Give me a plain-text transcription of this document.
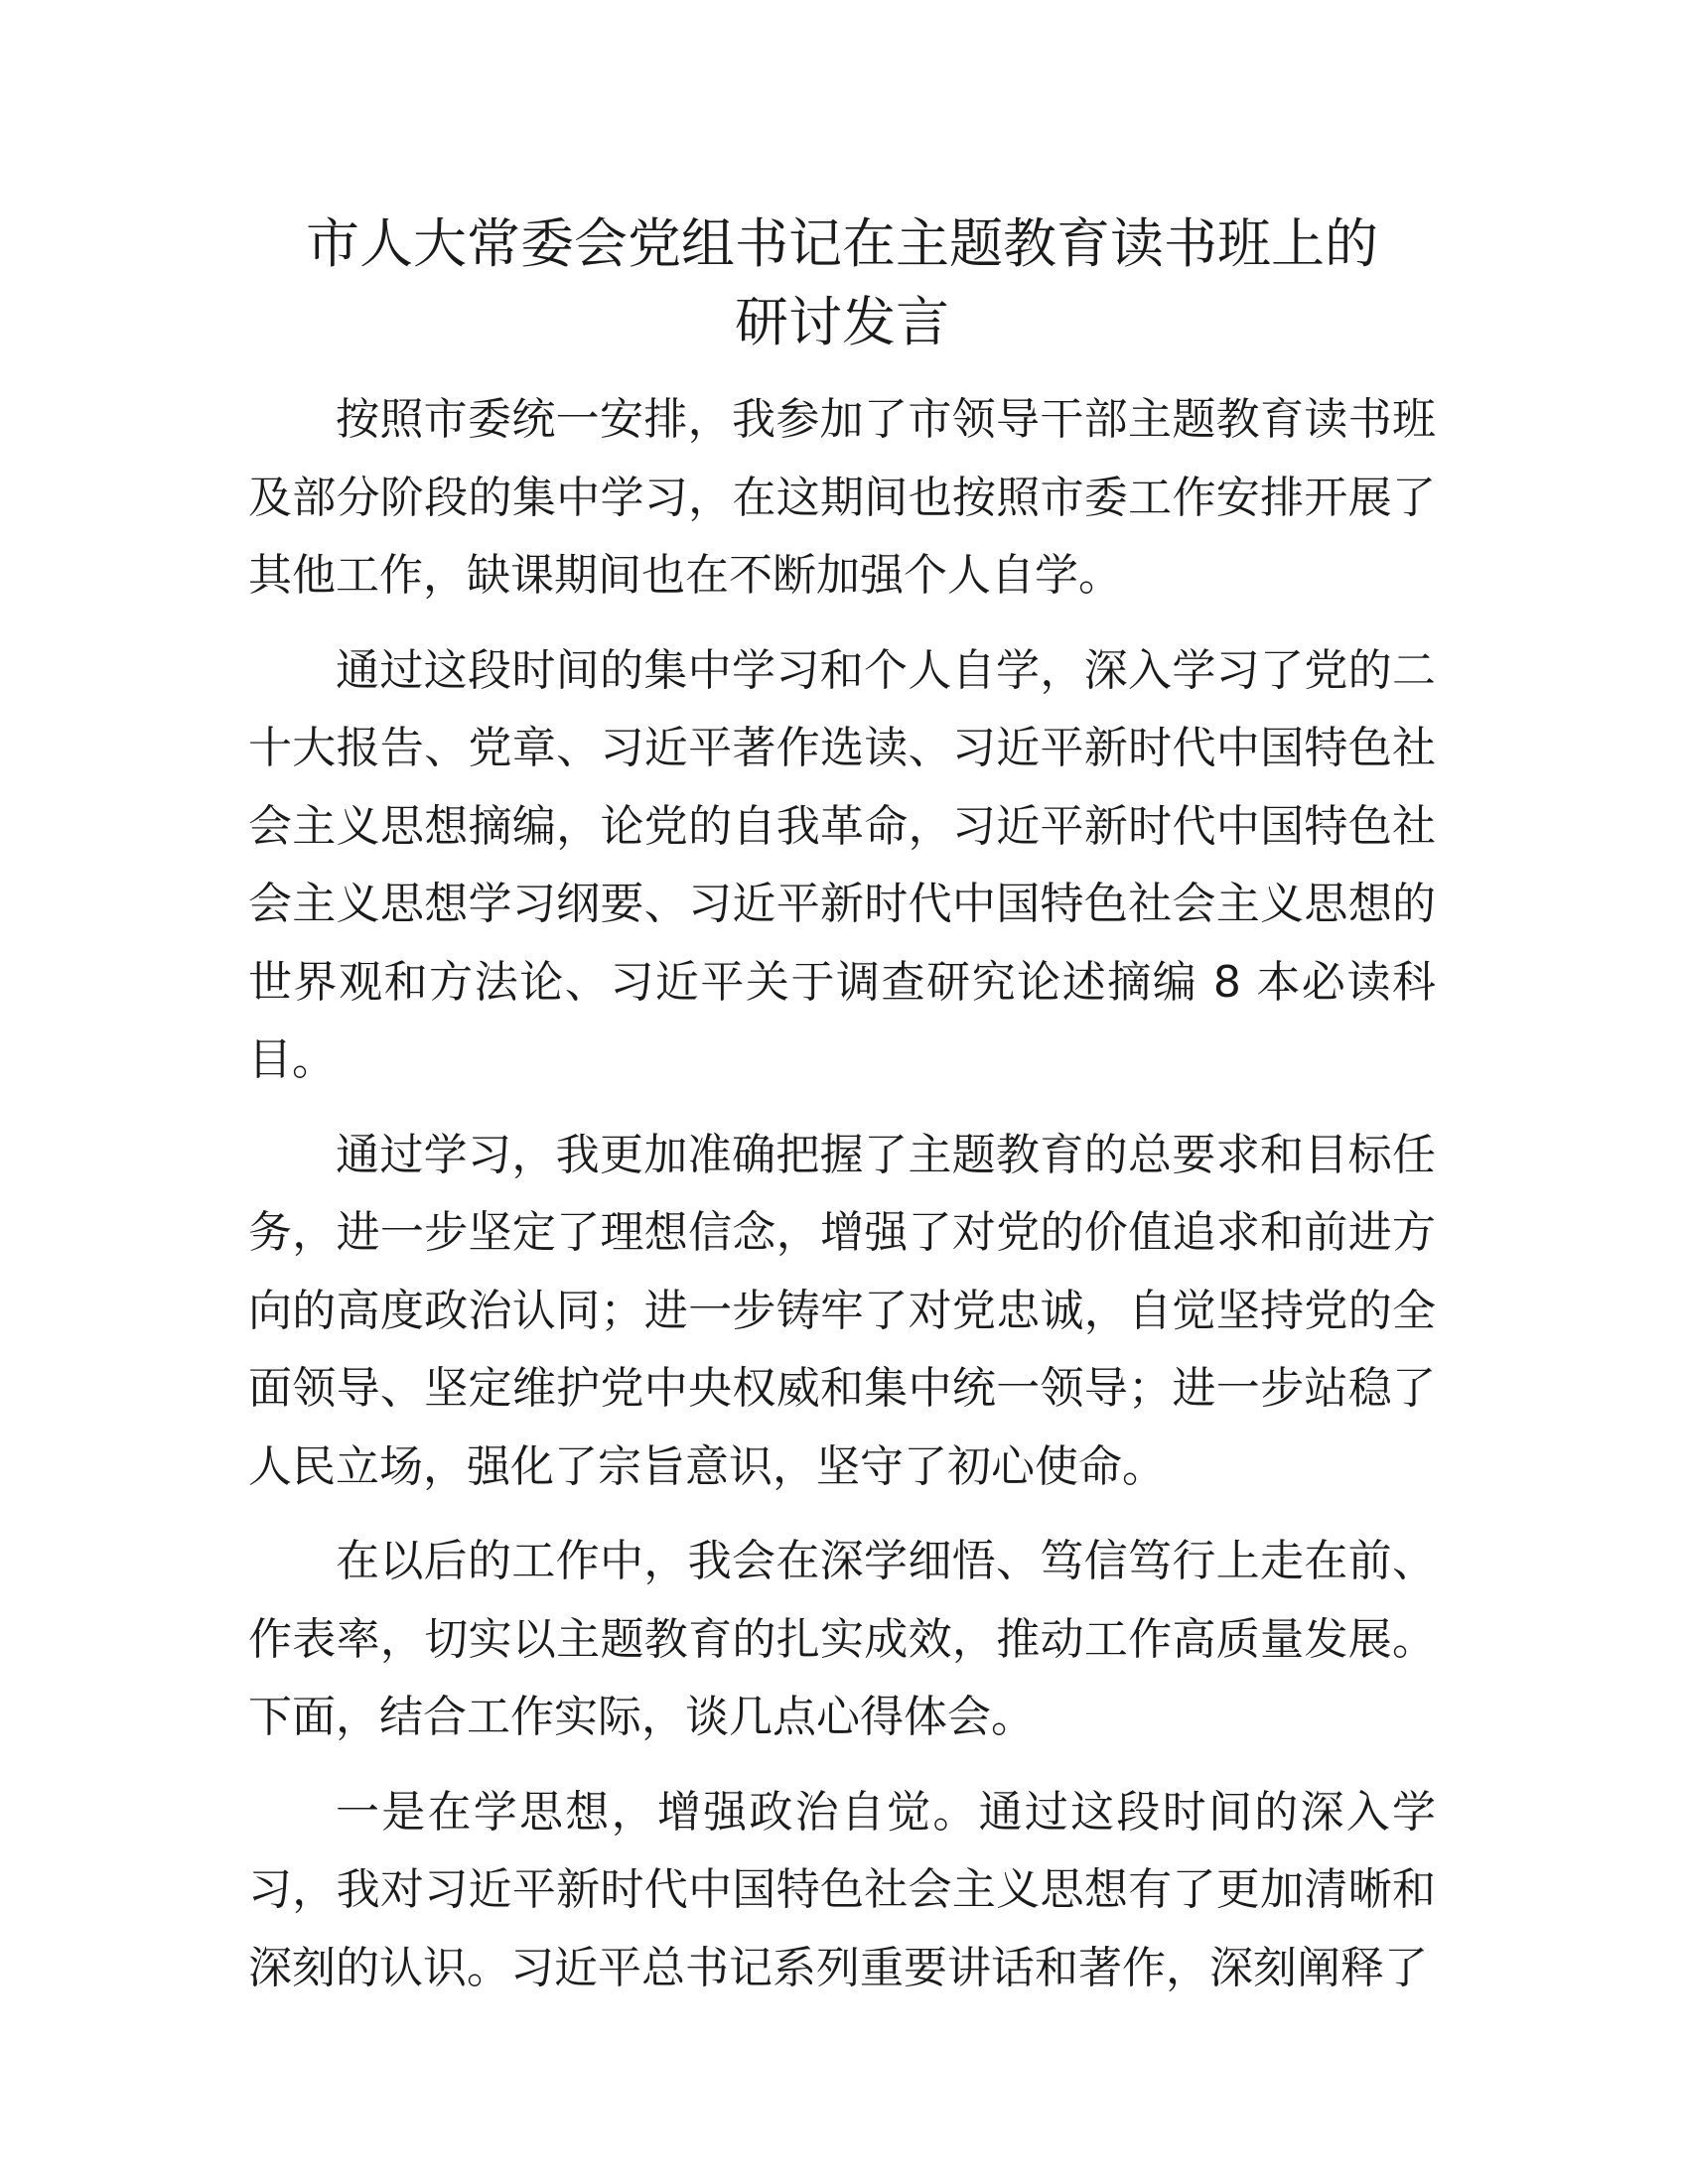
市人大常委会党组书记在主题教育读书班上的
研讨发言

按照市委统一安排，我参加了市领导干部主题教育读书班及部分阶段的集中学习，在这期间也按照市委工作安排开展了其他工作，缺课期间也在不断加强个人自学。

通过这段时间的集中学习和个人自学，深入学习了党的二十大报告、党章、习近平著作选读、习近平新时代中国特色社会主义思想摘编，论党的自我革命，习近平新时代中国特色社会主义思想学习纲要、习近平新时代中国特色社会主义思想的世界观和方法论、习近平关于调查研究论述摘编 8 本必读科目。

通过学习，我更加准确把握了主题教育的总要求和目标任务，进一步坚定了理想信念，增强了对党的价值追求和前进方向的高度政治认同；进一步铸牢了对党忠诚，自觉坚持党的全面领导、坚定维护党中央权威和集中统一领导；进一步站稳了人民立场，强化了宗旨意识，坚守了初心使命。

在以后的工作中，我会在深学细悟、笃信笃行上走在前、作表率，切实以主题教育的扎实成效，推动工作高质量发展。下面，结合工作实际，谈几点心得体会。

一是在学思想，增强政治自觉。通过这段时间的深入学习，我对习近平新时代中国特色社会主义思想有了更加清晰和深刻的认识。习近平总书记系列重要讲话和著作，深刻阐释了
